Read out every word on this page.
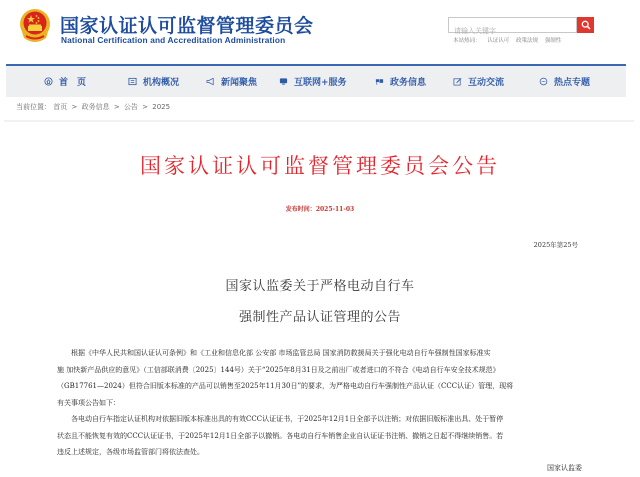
国家认证认可监督管理委员会
National Certification and Accreditation Administration
请输入关键字	本站热词： 认证认可 政策法规 强制性
首　页	机构概况	新闻聚焦	互联网+服务	政务信息	互动交流	热点专题
当前位置： 首页 > 政务信息 > 公告 > 2025
国家认证认可监督管理委员会公告
发布时间：2025-11-03
2025年第25号
国家认监委关于严格电动自行车
强制性产品认证管理的公告
根据《中华人民共和国认证认可条例》和《工业和信息化部 公安部 市场监管总局 国家消防救援局关于强化电动自行车强制性国家标准实
施 加快新产品供应的意见》（工信部联消费〔2025〕144号）关于“2025年8月31日及之前出厂或者进口的不符合《电动自行车安全技术规范》
（GB17761—2024）但符合旧版本标准的产品可以销售至2025年11月30日”的要求，为严格电动自行车强制性产品认证（CCC认证）管理，现将
有关事项公告如下：
各电动自行车指定认证机构对依据旧版本标准出具的有效CCC认证证书，于2025年12月1日全部予以注销；对依据旧版标准出具、处于暂停
状态且不能恢复有效的CCC认证证书，于2025年12月1日全部予以撤销。各电动自行车销售企业自认证证书注销、撤销之日起不得继续销售。若
违反上述规定，各级市场监管部门将依法查处。
国家认监委
